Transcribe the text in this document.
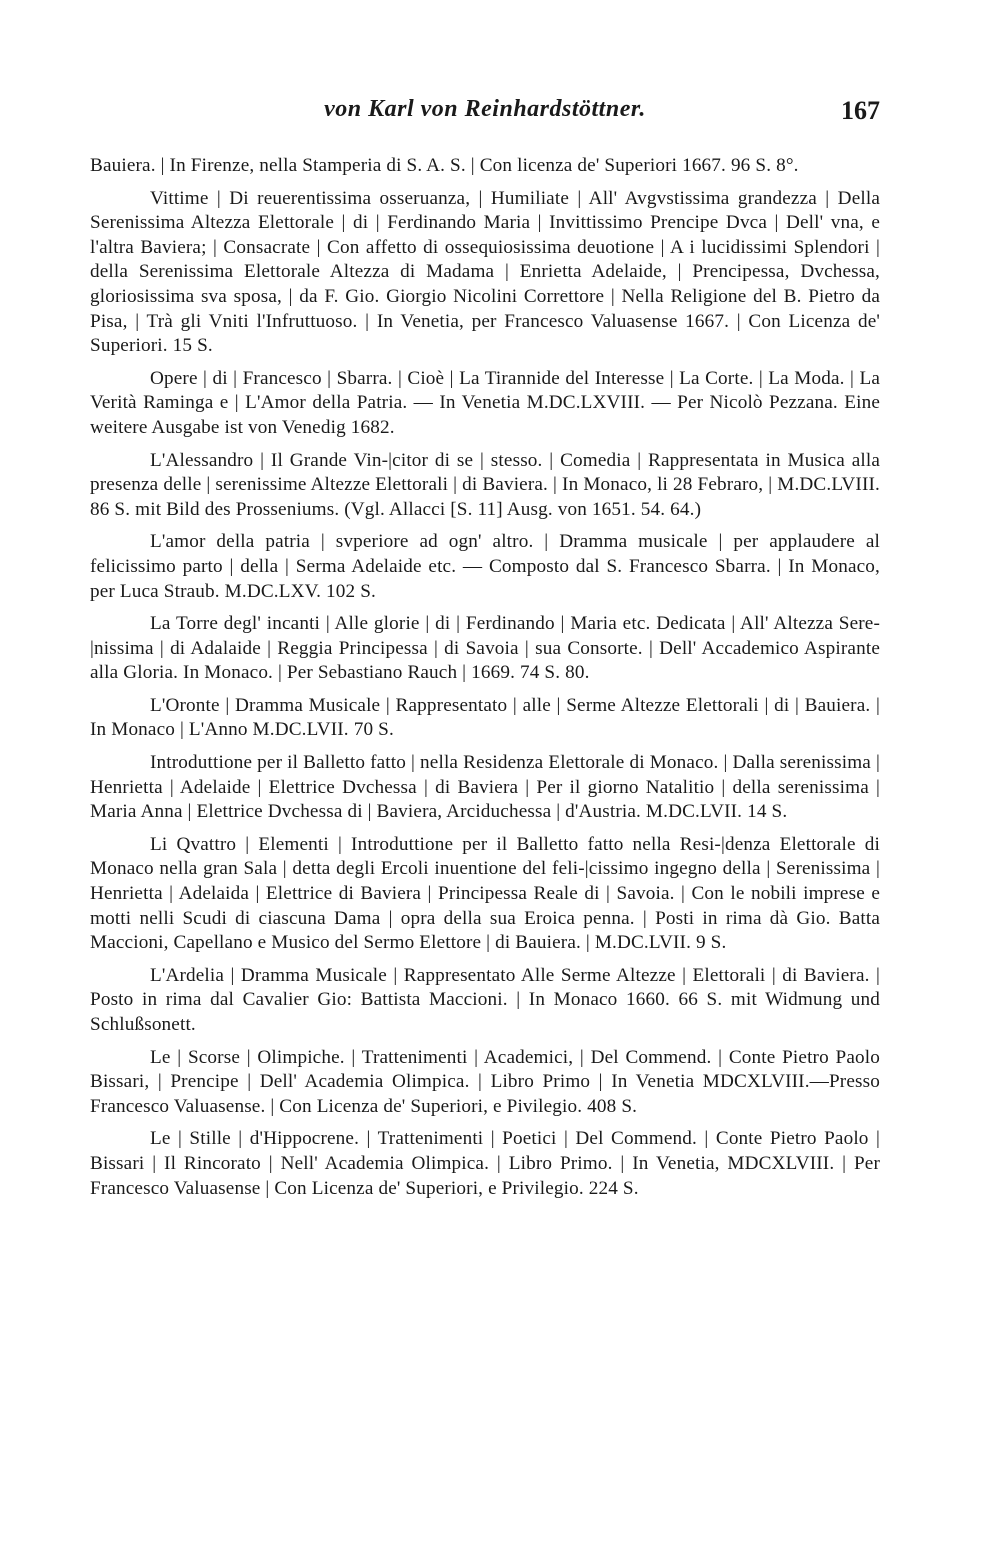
von Karl von Reinhardstöttner.	167

Bauiera. | In Firenze, nella Stamperia di S. A. S. | Con licenza de' Superiori 1667. 96 S. 8°.

Vittime | Di reuerentissima osseruanza, | Humiliate | All' Avgvstissima grandezza | Della Serenissima Altezza Elettorale | di | Ferdinando Maria | Invittissimo Prencipe Dvca | Dell' vna, e l'altra Baviera; | Consacrate | Con affetto di ossequiosissima deuotione | A i lucidissimi Splendori | della Serenissima Elettorale Altezza di Madama | Enrietta Adelaide, | Prencipessa, Dvchessa, gloriosissima sva sposa, | da F. Gio. Giorgio Nicolini Correttore | Nella Religione del B. Pietro da Pisa, | Trà gli Vniti l'Infruttuoso. | In Venetia, per Francesco Valuasense 1667. | Con Licenza de' Superiori. 15 S.

Opere | di | Francesco | Sbarra. | Cioè | La Tirannide del Interesse | La Corte. | La Moda. | La Verità Raminga e | L'Amor della Patria. — In Venetia M.DC.LXVIII. — Per Nicolò Pezzana. Eine weitere Ausgabe ist von Venedig 1682.

L'Alessandro | Il Grande Vin-|citor di se | stesso. | Comedia | Rappresentata in Musica alla presenza delle | serenissime Altezze Elettorali | di Baviera. | In Monaco, li 28 Febraro, | M.DC.LVIII. 86 S. mit Bild des Prosseniums. (Vgl. Allacci [S. 11] Ausg. von 1651. 54. 64.)

L'amor della patria | svperiore ad ogn' altro. | Dramma musicale | per applaudere al felicissimo parto | della | Serma Adelaide etc. — Composto dal S. Francesco Sbarra. | In Monaco, per Luca Straub. M.DC.LXV. 102 S.

La Torre degl' incanti | Alle glorie | di | Ferdinando | Maria etc. Dedicata | All' Altezza Sere-|nissima | di Adalaide | Reggia Principessa | di Savoia | sua Consorte. | Dell' Accademico Aspirante alla Gloria. In Monaco. | Per Sebastiano Rauch | 1669. 74 S. 80.

L'Oronte | Dramma Musicale | Rappresentato | alle | Serme Altezze Elettorali | di | Bauiera. | In Monaco | L'Anno M.DC.LVII. 70 S.

Introduttione per il Balletto fatto | nella Residenza Elettorale di Monaco. | Dalla serenissima | Henrietta | Adelaide | Elettrice Dvchessa | di Baviera | Per il giorno Natalitio | della serenissima | Maria Anna | Elettrice Dvchessa di | Baviera, Arciduchessa | d'Austria. M.DC.LVII. 14 S.

Li Qvattro | Elementi | Introduttione per il Balletto fatto nella Resi-|denza Elettorale di Monaco nella gran Sala | detta degli Ercoli inuentione del feli-|cissimo ingegno della | Serenissima | Henrietta | Adelaida | Elettrice di Baviera | Principessa Reale di | Savoia. | Con le nobili imprese e motti nelli Scudi di ciascuna Dama | opra della sua Eroica penna. | Posti in rima dà Gio. Batta Maccioni, Capellano e Musico del Sermo Elettore | di Bauiera. | M.DC.LVII. 9 S.

L'Ardelia | Dramma Musicale | Rappresentato Alle Serme Altezze | Elettorali | di Baviera. | Posto in rima dal Cavalier Gio: Battista Maccioni. | In Monaco 1660. 66 S. mit Widmung und Schlußsonett.

Le | Scorse | Olimpiche. | Trattenimenti | Academici, | Del Commend. | Conte Pietro Paolo Bissari, | Prencipe | Dell' Academia Olimpica. | Libro Primo | In Venetia MDCXLVIII.—Presso Francesco Valuasense. | Con Licenza de' Superiori, e Pivilegio. 408 S.

Le | Stille | d'Hippocrene. | Trattenimenti | Poetici | Del Commend. | Conte Pietro Paolo | Bissari | Il Rincorato | Nell' Academia Olimpica. | Libro Primo. | In Venetia, MDCXLVIII. | Per Francesco Valuasense | Con Licenza de' Superiori, e Privilegio. 224 S.
